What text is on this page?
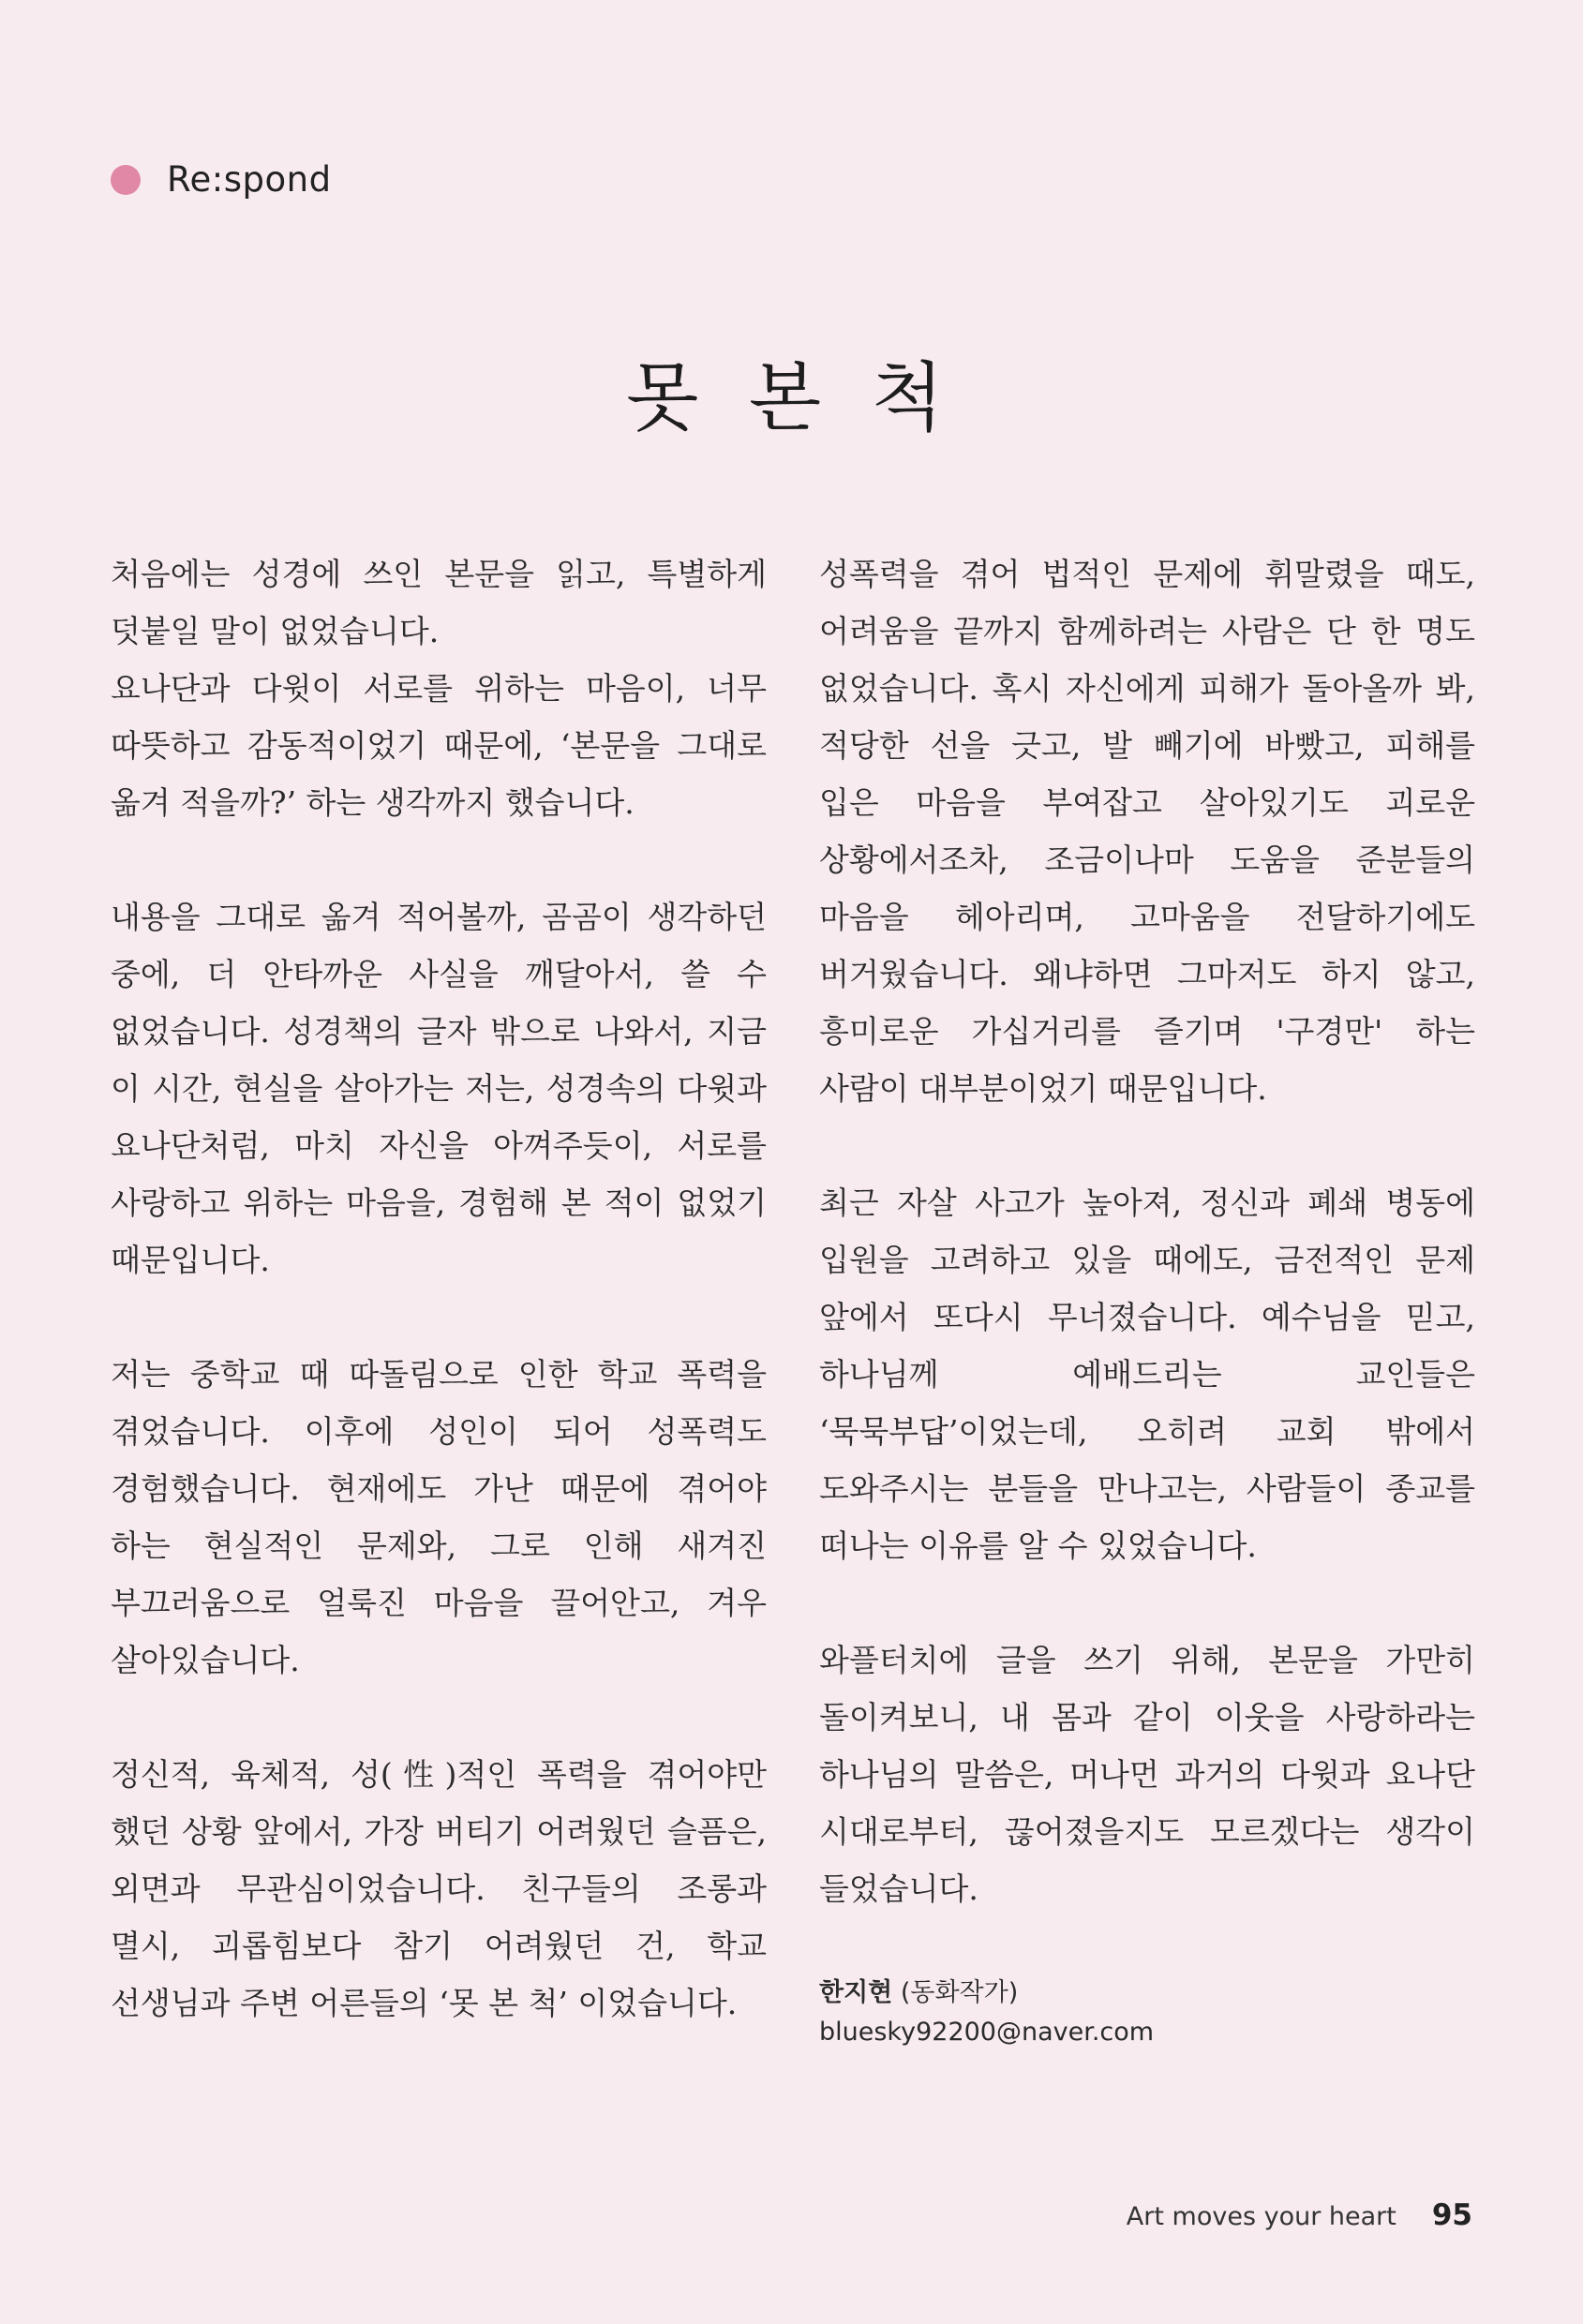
Re:spond
못 본 척

처음에는 성경에 쓰인 본문을 읽고, 특별하게 덧붙일 말이 없었습니다.

요나단과 다윗이 서로를 위하는 마음이, 너무 따뜻하고 감동적이었기 때문에, ‘본문을 그대로 옮겨 적을까?’ 하는 생각까지 했습니다.

내용을 그대로 옮겨 적어볼까, 곰곰이 생각하던 중에, 더 안타까운 사실을 깨달아서, 쓸 수 없었습니다. 성경책의 글자 밖으로 나와서, 지금 이 시간, 현실을 살아가는 저는, 성경속의 다윗과 요나단처럼, 마치 자신을 아껴주듯이, 서로를 사랑하고 위하는 마음을, 경험해 본 적이 없었기 때문입니다.

저는 중학교 때 따돌림으로 인한 학교 폭력을 겪었습니다. 이후에 성인이 되어 성폭력도 경험했습니다. 현재에도 가난 때문에 겪어야 하는 현실적인 문제와, 그로 인해 새겨진 부끄러움으로 얼룩진 마음을 끌어안고, 겨우 살아있습니다.

정신적, 육체적, 성(性)적인 폭력을 겪어야만 했던 상황 앞에서, 가장 버티기 어려웠던 슬픔은, 외면과 무관심이었습니다. 친구들의 조롱과 멸시, 괴롭힘보다 참기 어려웠던 건, 학교 선생님과 주변 어른들의 ‘못 본 척’ 이었습니다.

성폭력을 겪어 법적인 문제에 휘말렸을 때도, 어려움을 끝까지 함께하려는 사람은 단 한 명도 없었습니다. 혹시 자신에게 피해가 돌아올까 봐, 적당한 선을 긋고, 발 빼기에 바빴고, 피해를 입은 마음을 부여잡고 살아있기도 괴로운 상황에서조차, 조금이나마 도움을 준분들의 마음을 헤아리며, 고마움을 전달하기에도 버거웠습니다. 왜냐하면 그마저도 하지 않고, 흥미로운 가십거리를 즐기며 '구경만' 하는 사람이 대부분이었기 때문입니다.

최근 자살 사고가 높아져, 정신과 폐쇄 병동에 입원을 고려하고 있을 때에도, 금전적인 문제 앞에서 또다시 무너졌습니다. 예수님을 믿고, 하나님께 예배드리는 교인들은 ‘묵묵부답’이었는데, 오히려 교회 밖에서 도와주시는 분들을 만나고는, 사람들이 종교를 떠나는 이유를 알 수 있었습니다.

와플터치에 글을 쓰기 위해, 본문을 가만히 돌이켜보니, 내 몸과 같이 이웃을 사랑하라는 하나님의 말씀은, 머나먼 과거의 다윗과 요나단 시대로부터, 끊어졌을지도 모르겠다는 생각이 들었습니다.

한지현 (동화작가)
bluesky92200@naver.com
Art moves your heart 95
